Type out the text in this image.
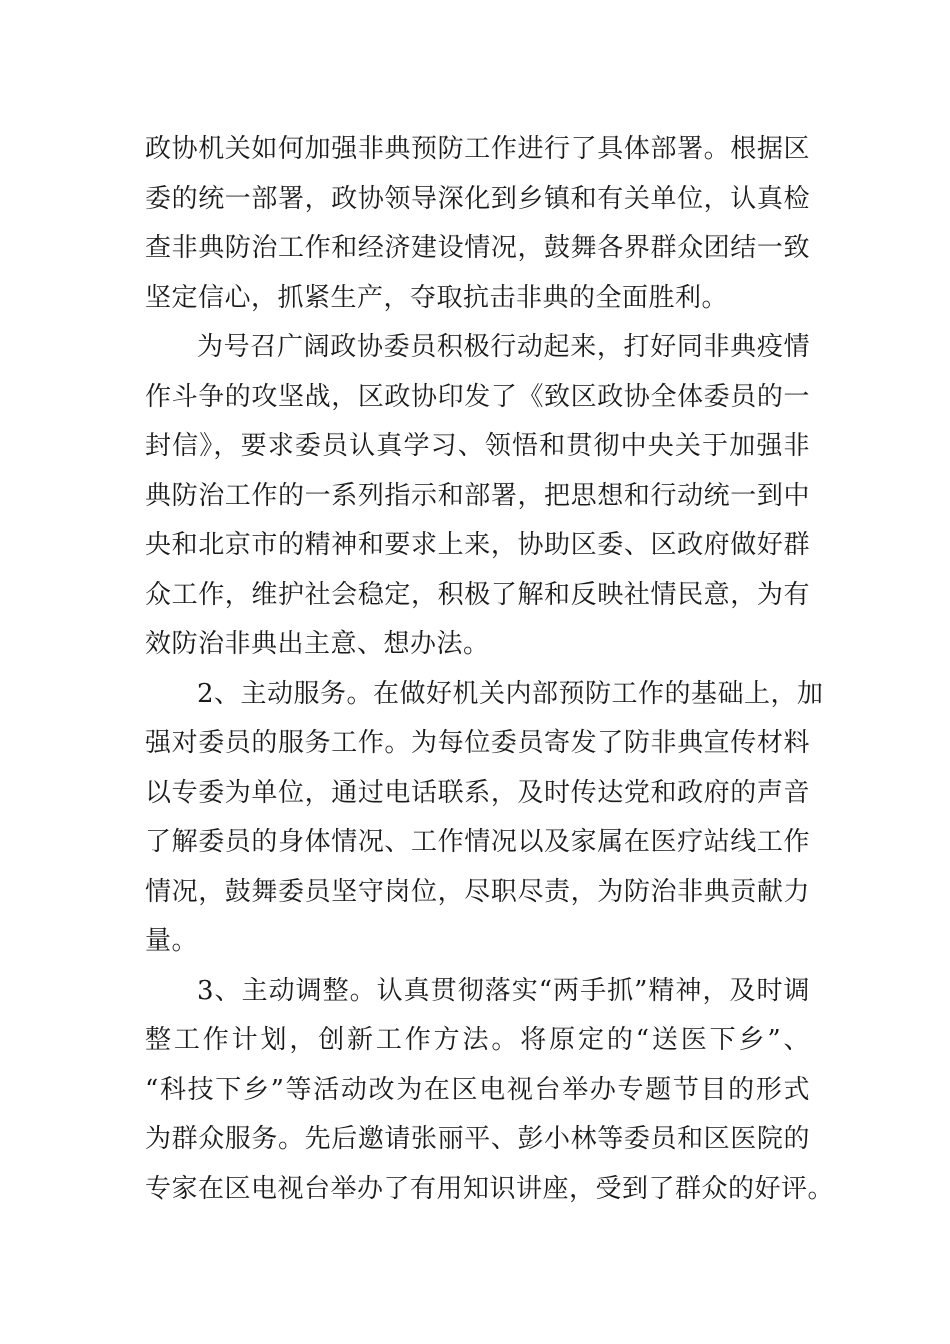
政协机关如何加强非典预防工作进行了具体部署。根据区
委的统一部署，政协领导深化到乡镇和有关单位，认真检
查非典防治工作和经济建设情况，鼓舞各界群众团结一致
坚定信心，抓紧生产，夺取抗击非典的全面胜利。
为号召广阔政协委员积极行动起来，打好同非典疫情
作斗争的攻坚战，区政协印发了《致区政协全体委员的一
封信》，要求委员认真学习、领悟和贯彻中央关于加强非
典防治工作的一系列指示和部署，把思想和行动统一到中
央和北京市的精神和要求上来，协助区委、区政府做好群
众工作，维护社会稳定，积极了解和反映社情民意，为有
效防治非典出主意、想办法。
2、主动服务。在做好机关内部预防工作的基础上，加
强对委员的服务工作。为每位委员寄发了防非典宣传材料
以专委为单位，通过电话联系，及时传达党和政府的声音
了解委员的身体情况、工作情况以及家属在医疗站线工作
情况，鼓舞委员坚守岗位，尽职尽责，为防治非典贡献力
量。
3、主动调整。认真贯彻落实“两手抓”精神，及时调
整工作计划，创新工作方法。将原定的“送医下乡”、
“科技下乡”等活动改为在区电视台举办专题节目的形式
为群众服务。先后邀请张丽平、彭小林等委员和区医院的
专家在区电视台举办了有用知识讲座，受到了群众的好评。
